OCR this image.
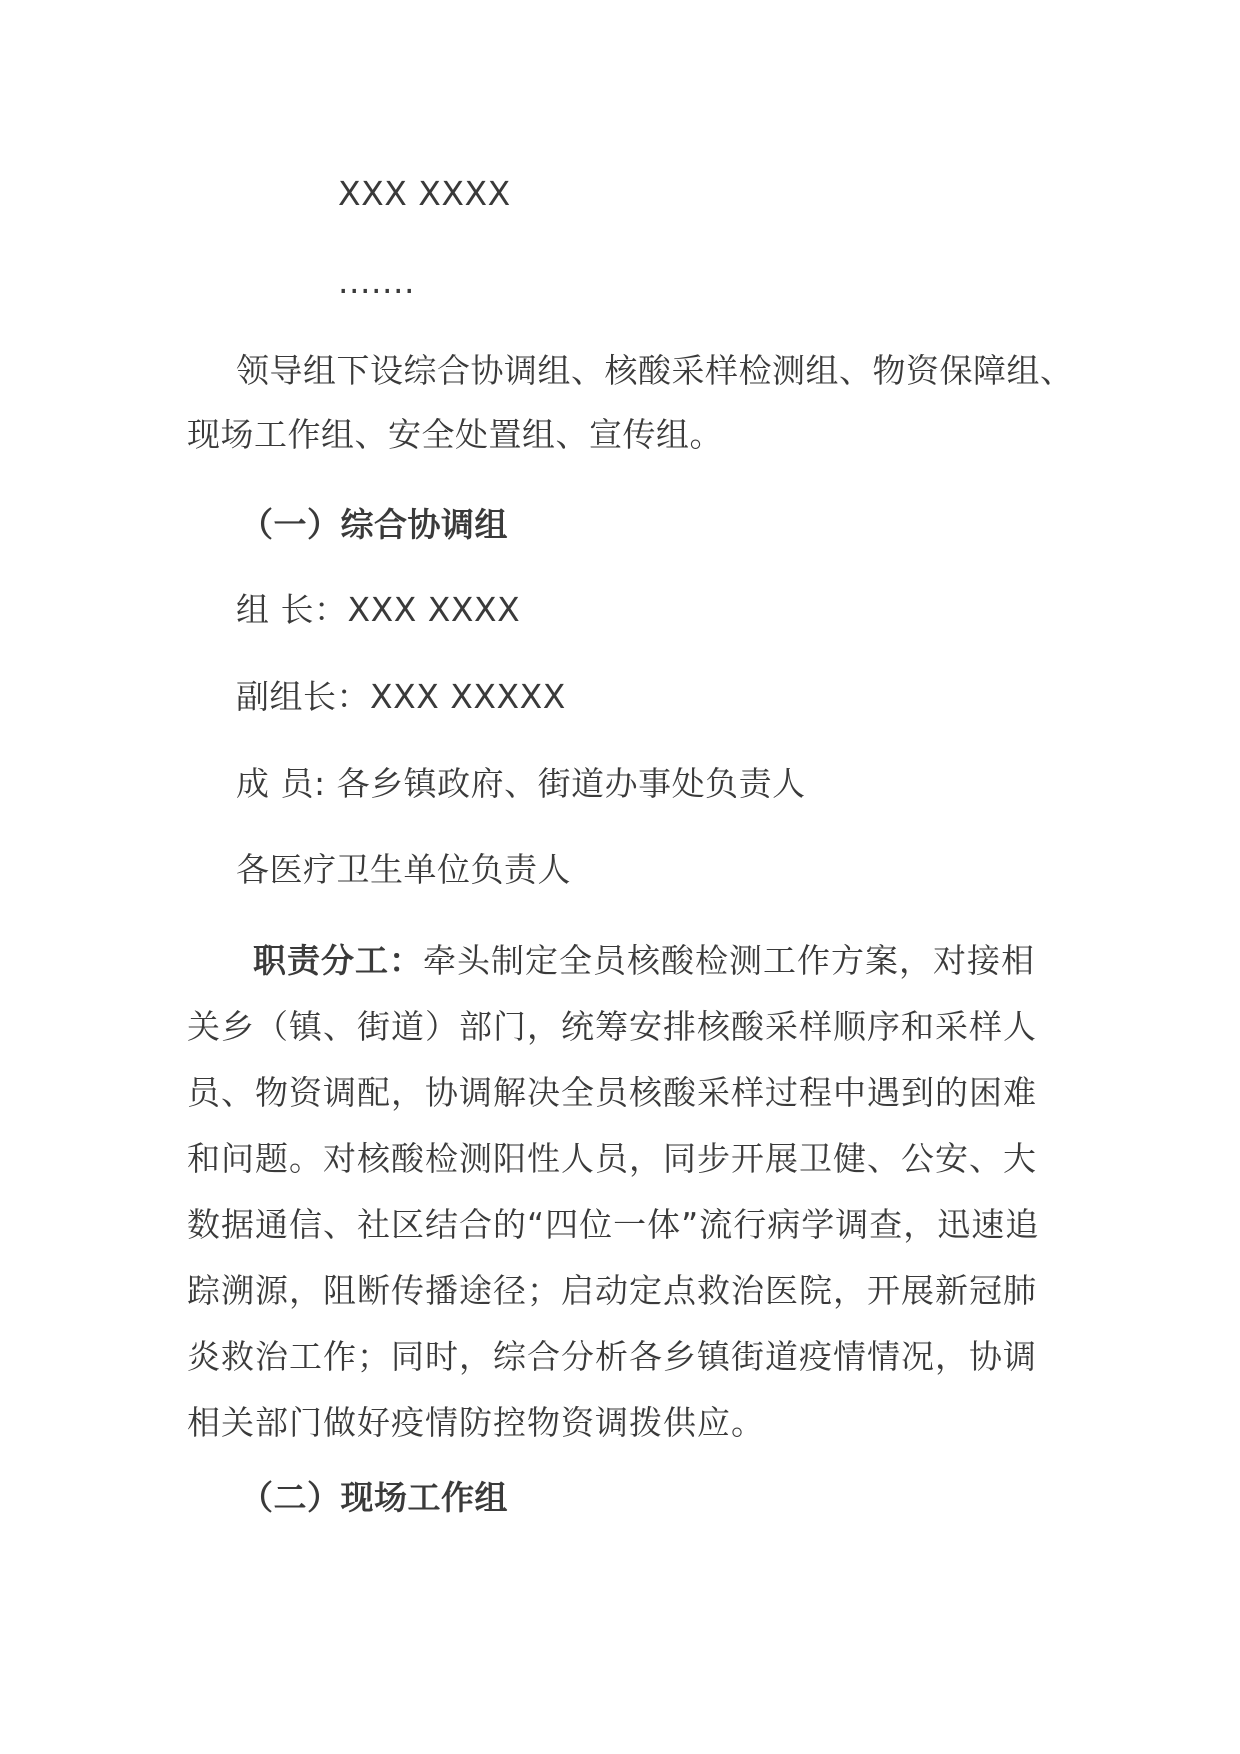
XXX XXXX
.......
领导组下设综合协调组、核酸采样检测组、物资保障组、
现场工作组、安全处置组、宣传组。
（一）综合协调组
组 长：XXX XXXX
副组长：XXX XXXXX
成 员: 各乡镇政府、街道办事处负责人
各医疗卫生单位负责人

职责分工：牵头制定全员核酸检测工作方案，对接相关乡（镇、街道）部门，统筹安排核酸采样顺序和采样人员、物资调配，协调解决全员核酸采样过程中遇到的困难和问题。对核酸检测阳性人员，同步开展卫健、公安、大数据通信、社区结合的“四位一体”流行病学调查，迅速追踪溯源，阻断传播途径；启动定点救治医院，开展新冠肺炎救治工作；同时，综合分析各乡镇街道疫情情况，协调相关部门做好疫情防控物资调拨供应。

（二）现场工作组
